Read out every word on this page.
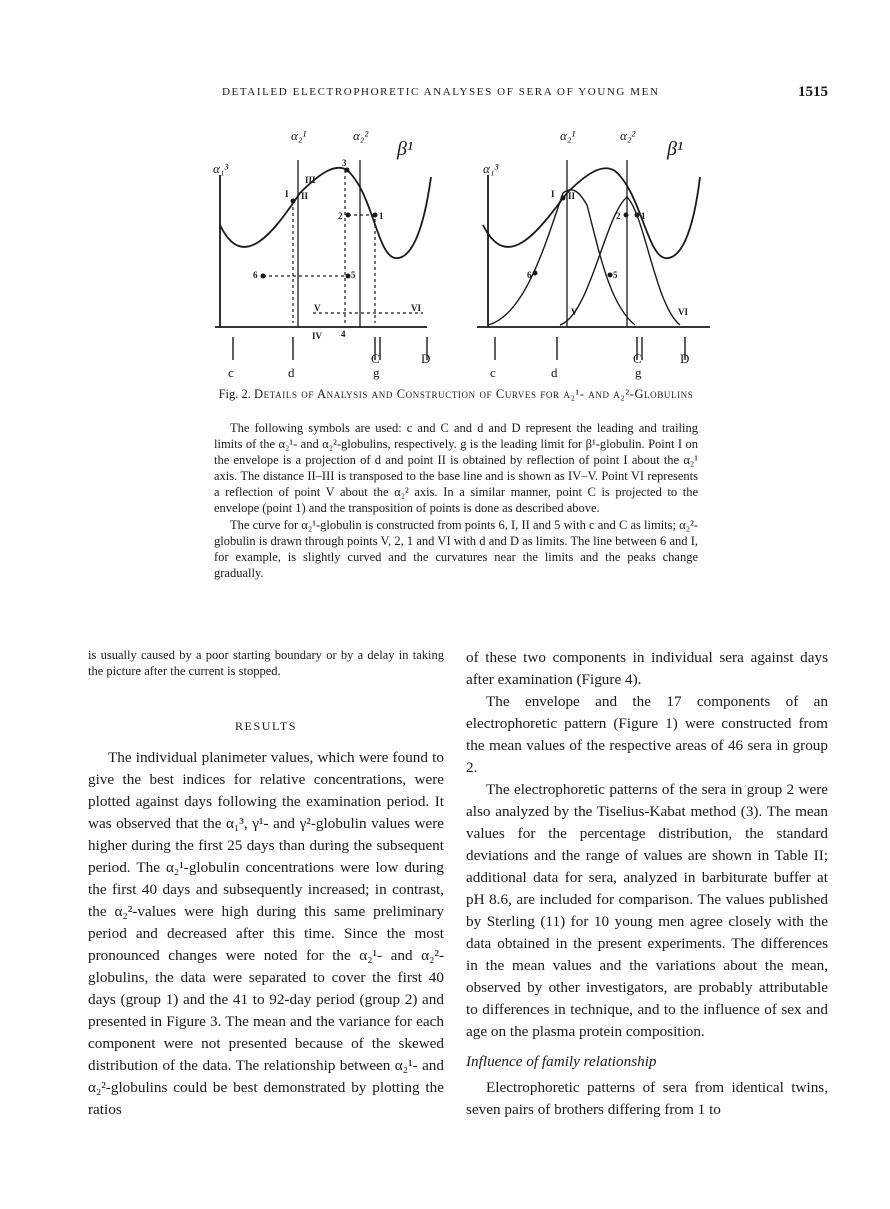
DETAILED ELECTROPHORETIC ANALYSES OF SERA OF YOUNG MEN	1515
α₁³
α₂¹	α₂²
β¹
c	d
C
g
D
α₁³
α₂¹	α₂²
β¹
c	d
C
g
D
I II
III
IV
V	VI
1
2
3
4
5
6
I II
V	VI
1
2
5
6
Fig. 2. Details of Analysis and Construction of Curves for α₂¹- and α₂²-Globulins

The following symbols are used: c and C and d and D represent the leading and trailing limits of the α₂¹- and α₂²-globulins, respectively. g is the leading limit for β¹-globulin. Point I on the envelope is a projection of d and point II is obtained by reflection of point I about the α₂¹ axis. The distance II–III is transposed to the base line and is shown as IV–V. Point VI represents a reflection of point V about the α₂² axis. In a similar manner, point C is projected to the envelope (point 1) and the transposition of points is done as described above.

The curve for α₂¹-globulin is constructed from points 6, I, II and 5 with c and C as limits; α₂²-globulin is drawn through points V, 2, 1 and VI with d and D as limits. The line between 6 and I, for example, is slightly curved and the curvatures near the limits and the peaks change gradually.

is usually caused by a poor starting boundary or by a delay in taking the picture after the current is stopped.

RESULTS

The individual planimeter values, which were found to give the best indices for relative concentrations, were plotted against days following the examination period. It was observed that the α₁³, γ¹- and γ²-globulin values were higher during the first 25 days than during the subsequent period. The α₂¹-globulin concentrations were low during the first 40 days and subsequently increased; in contrast, the α₂²-values were high during this same preliminary period and decreased after this time. Since the most pronounced changes were noted for the α₂¹- and α₂²-globulins, the data were separated to cover the first 40 days (group 1) and the 41 to 92-day period (group 2) and presented in Figure 3. The mean and the variance for each component were not presented because of the skewed distribution of the data. The relationship between α₂¹- and α₂²-globulins could be best demonstrated by plotting the ratios

of these two components in individual sera against days after examination (Figure 4).

The envelope and the 17 components of an electrophoretic pattern (Figure 1) were constructed from the mean values of the respective areas of 46 sera in group 2.

The electrophoretic patterns of the sera in group 2 were also analyzed by the Tiselius-Kabat method (3). The mean values for the percentage distribution, the standard deviations and the range of values are shown in Table II; additional data for sera, analyzed in barbiturate buffer at pH 8.6, are included for comparison. The values published by Sterling (11) for 10 young men agree closely with the data obtained in the present experiments. The differences in the mean values and the variations about the mean, observed by other investigators, are probably attributable to differences in technique, and to the influence of sex and age on the plasma protein composition.

Influence of family relationship

Electrophoretic patterns of sera from identical twins, seven pairs of brothers differing from 1 to
